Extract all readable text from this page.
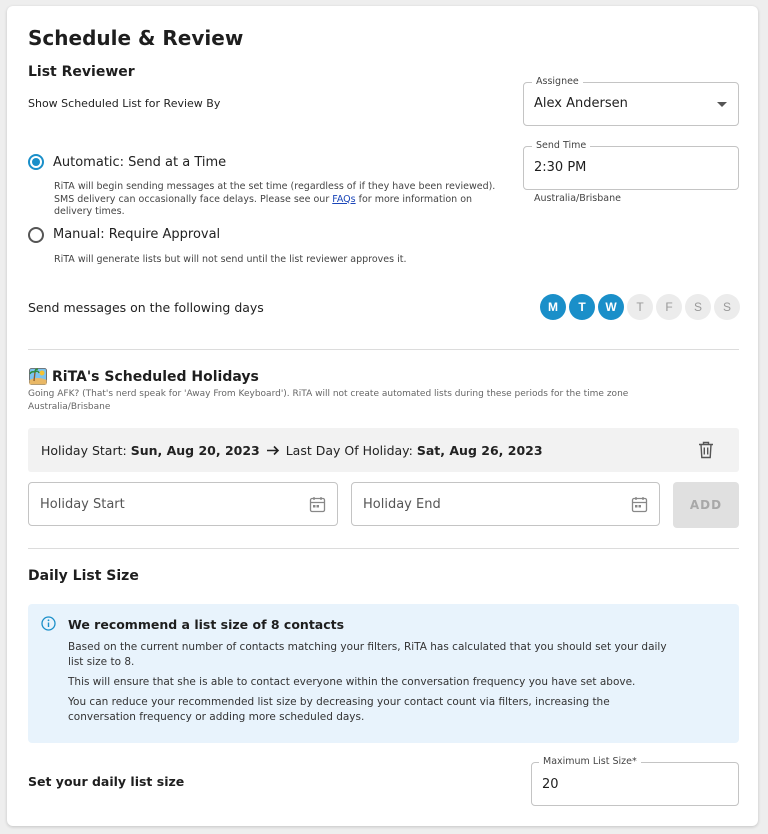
Schedule & Review
List Reviewer
Show Scheduled List for Review By
Assignee
Alex Andersen
Automatic: Send at a Time
RiTA will begin sending messages at the set time (regardless of if they have been reviewed).
SMS delivery can occasionally face delays. Please see our FAQs for more information on
delivery times.
Send Time
2:30 PM
Australia/Brisbane
Manual: Require Approval
RiTA will generate lists but will not send until the list reviewer approves it.
Send messages on the following days	M	T	W	T	F	S	S
RiTA's Scheduled Holidays
Going AFK? (That's nerd speak for 'Away From Keyboard'). RiTA will not create automated lists during these periods for the time zone
Australia/Brisbane
Holiday Start: Sun, Aug 20, 2023 Last Day Of Holiday: Sat, Aug 26, 2023
Holiday Start	Holiday End	ADD
Daily List Size
We recommend a list size of 8 contacts
Based on the current number of contacts matching your filters, RiTA has calculated that you should set your daily
list size to 8.
This will ensure that she is able to contact everyone within the conversation frequency you have set above.
You can reduce your recommended list size by decreasing your contact count via filters, increasing the
conversation frequency or adding more scheduled days.
Set your daily list size
Maximum List Size*
20
